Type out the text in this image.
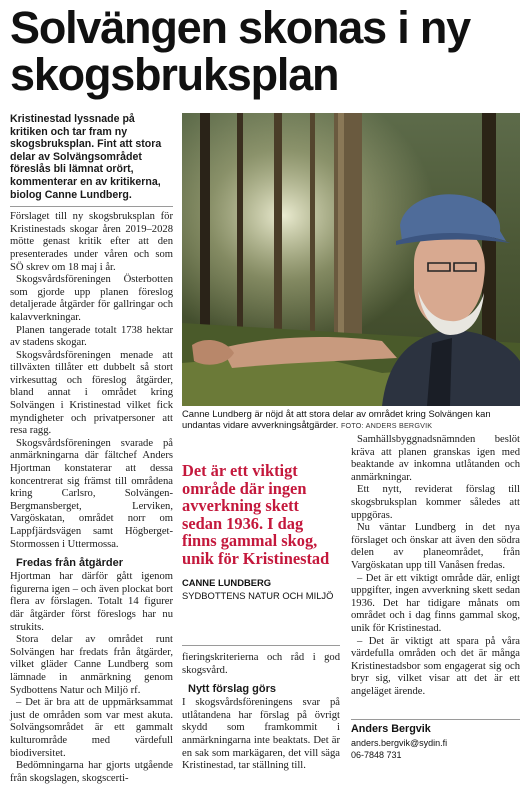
Solvängen skonas i ny skogsbruksplan

Kristinestad lyssnade på kritiken och tar fram ny skogsbruksplan. Fint att stora delar av Solvängsområdet föreslås bli lämnat orört, kommenterar en av kritikerna, biolog Canne Lundberg.

Förslaget till ny skogsbruksplan för Kristinestads skogar åren 2019–2028 mötte genast kritik efter att den presenterades under våren och som SÖ skrev om 18 maj i år.

Skogsvårdsföreningen Österbotten som gjorde upp planen föreslog detaljerade åtgärder för gallringar och kalavverkningar.

Planen tangerade totalt 1738 hektar av stadens skogar.

Skogsvårdsföreningen menade att tillväxten tillåter ett dubbelt så stort virkesuttag och föreslog åtgärder, bland annat i området kring Solvängen i Kristinestad vilket fick myndigheter och privatpersoner att resa ragg.

Skogsvårdsföreningen svarade på anmärkningarna där fältchef Anders Hjortman konstaterar att dessa koncentrerat sig främst till områdena kring Carlsro, Solvängen-Bergmansberget, Lerviken, Vargöskatan, området norr om Lappfjärdsvägen samt Högberget-Stormossen i Uttermossa.

Fredas från åtgärder

Hjortman har därför gått igenom figurerna igen – och även plockat bort flera av förslagen. Totalt 14 figurer där åtgärder först föreslogs har nu strukits.

Stora delar av området runt Solvängen har fredats från åtgärder, vilket gläder Canne Lundberg som lämnade in anmärkning genom Sydbottens Natur och Miljö rf.

– Det är bra att de uppmärksammat just de områden som var mest akuta. Solvängsområdet är ett gammalt kulturområde med värdefull biodiversitet.

Bedömningarna har gjorts utgående från skogslagen, skogscerti-

Canne Lundberg är nöjd åt att stora delar av området kring Solvängen kan undantas vidare avverkningsåtgärder. FOTO: ANDERS BERGVIK
Det är ett viktigt område där ingen avverkning skett sedan 1936. I dag finns gammal skog, unik för Kristinestad
CANNE LUNDBERG
SYDBOTTENS NATUR OCH MILJÖ

fieringskriterierna och råd i god skogsvård.

Nytt förslag görs

I skogsvårdsföreningens svar på utlåtandena har förslag på övrigt skydd som framkommit i anmärkningarna inte beaktats. Det är en sak som markägaren, det vill säga Kristinestad, tar ställning till.

Samhällsbyggnadsnämnden beslöt kräva att planen granskas igen med beaktande av inkomna utlåtanden och anmärkningar.

Ett nytt, reviderat förslag till skogsbruksplan kommer således att uppgöras.

Nu väntar Lundberg in det nya förslaget och önskar att även den södra delen av planeområdet, från Vargöskatan upp till Vanåsen fredas.

– Det är ett viktigt område där, enligt uppgifter, ingen avverkning skett sedan 1936. Det har tidigare månats om området och i dag finns gammal skog, unik för Kristinestad.

– Det är viktigt att spara på våra värdefulla områden och det är många Kristinestadsbor som engagerat sig och bryr sig, vilket visar att det är ett angeläget ärende.

Anders Bergvik
anders.bergvik@sydin.fi
06-7848 731
